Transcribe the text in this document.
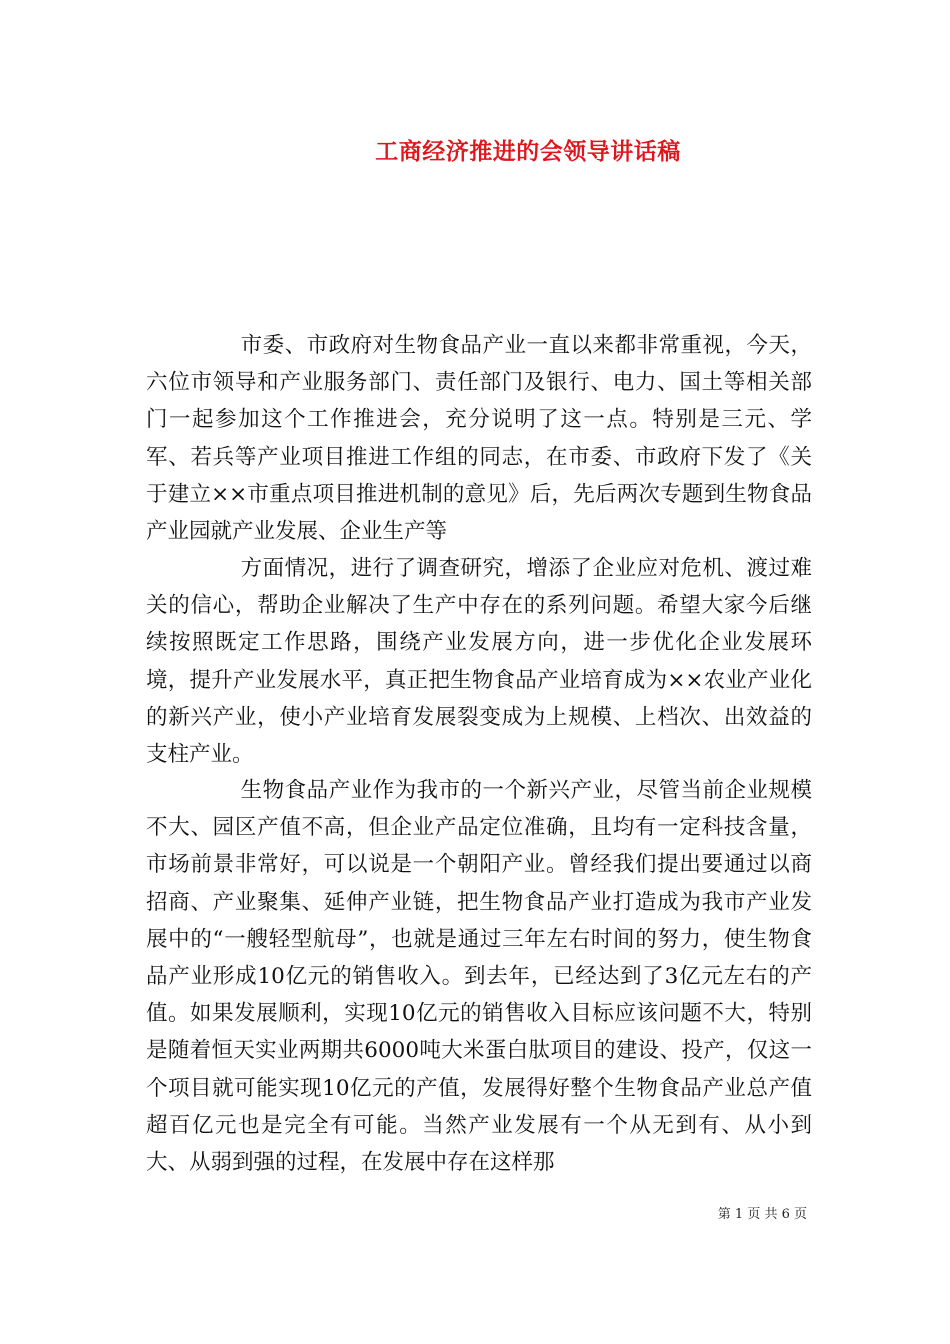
工商经济推进的会领导讲话稿

市委、市政府对生物食品产业一直以来都非常重视，今天，六位市领导和产业服务部门、责任部门及银行、电力、国土等相关部门一起参加这个工作推进会，充分说明了这一点。特别是三元、学军、若兵等产业项目推进工作组的同志，在市委、市政府下发了《关于建立××市重点项目推进机制的意见》后，先后两次专题到生物食品产业园就产业发展、企业生产等

方面情况，进行了调查研究，增添了企业应对危机、渡过难关的信心，帮助企业解决了生产中存在的系列问题。希望大家今后继续按照既定工作思路，围绕产业发展方向，进一步优化企业发展环境，提升产业发展水平，真正把生物食品产业培育成为××农业产业化的新兴产业，使小产业培育发展裂变成为上规模、上档次、出效益的支柱产业。

生物食品产业作为我市的一个新兴产业，尽管当前企业规模不大、园区产值不高，但企业产品定位准确，且均有一定科技含量，市场前景非常好，可以说是一个朝阳产业。曾经我们提出要通过以商招商、产业聚集、延伸产业链，把生物食品产业打造成为我市产业发展中的“一艘轻型航母”，也就是通过三年左右时间的努力，使生物食品产业形成10亿元的销售收入。到去年，已经达到了3亿元左右的产值。如果发展顺利，实现10亿元的销售收入目标应该问题不大，特别是随着恒天实业两期共6000吨大米蛋白肽项目的建设、投产，仅这一个项目就可能实现10亿元的产值，发展得好整个生物食品产业总产值超百亿元也是完全有可能。当然产业发展有一个从无到有、从小到大、从弱到强的过程，在发展中存在这样那

第 1 页 共 6 页
